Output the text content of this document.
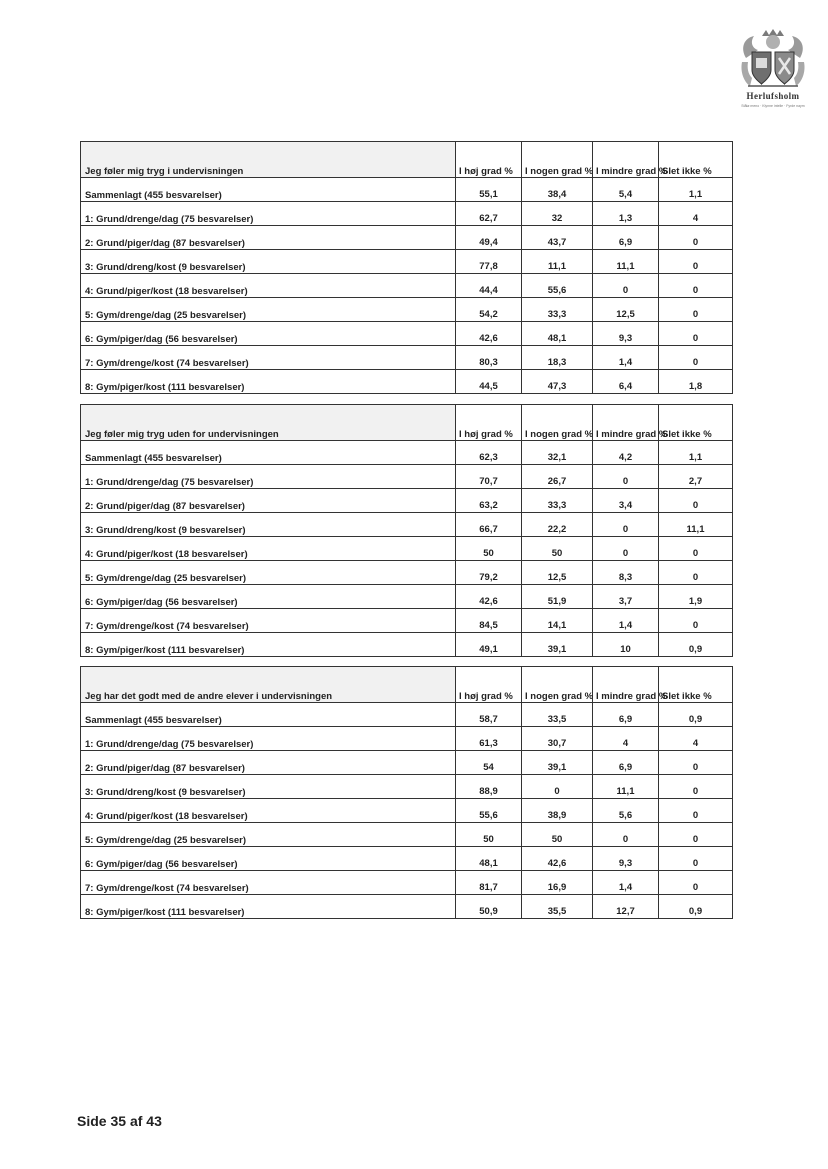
Herlufsholm
Stålø meno · Klynne intelle · Fyrde naym
Jeg føler mig tryg i undervisningen	I høj grad %	I nogen grad %	I mindre grad %	Slet ikke %
Sammenlagt (455 besvarelser)	55,1	38,4	5,4	1,1
1: Grund/drenge/dag (75 besvarelser)	62,7	32	1,3	4
2: Grund/piger/dag (87 besvarelser)	49,4	43,7	6,9	0
3: Grund/dreng/kost (9 besvarelser)	77,8	11,1	11,1	0
4: Grund/piger/kost (18 besvarelser)	44,4	55,6	0	0
5: Gym/drenge/dag (25 besvarelser)	54,2	33,3	12,5	0
6: Gym/piger/dag (56 besvarelser)	42,6	48,1	9,3	0
7: Gym/drenge/kost (74 besvarelser)	80,3	18,3	1,4	0
8: Gym/piger/kost (111 besvarelser)	44,5	47,3	6,4	1,8
Jeg føler mig tryg uden for undervisningen	I høj grad %	I nogen grad %	I mindre grad %	Slet ikke %
Sammenlagt (455 besvarelser)	62,3	32,1	4,2	1,1
1: Grund/drenge/dag (75 besvarelser)	70,7	26,7	0	2,7
2: Grund/piger/dag (87 besvarelser)	63,2	33,3	3,4	0
3: Grund/dreng/kost (9 besvarelser)	66,7	22,2	0	11,1
4: Grund/piger/kost (18 besvarelser)	50	50	0	0
5: Gym/drenge/dag (25 besvarelser)	79,2	12,5	8,3	0
6: Gym/piger/dag (56 besvarelser)	42,6	51,9	3,7	1,9
7: Gym/drenge/kost (74 besvarelser)	84,5	14,1	1,4	0
8: Gym/piger/kost (111 besvarelser)	49,1	39,1	10	0,9
Jeg har det godt med de andre elever i undervisningen	I høj grad %	I nogen grad %	I mindre grad %	Slet ikke %
Sammenlagt (455 besvarelser)	58,7	33,5	6,9	0,9
1: Grund/drenge/dag (75 besvarelser)	61,3	30,7	4	4
2: Grund/piger/dag (87 besvarelser)	54	39,1	6,9	0
3: Grund/dreng/kost (9 besvarelser)	88,9	0	11,1	0
4: Grund/piger/kost (18 besvarelser)	55,6	38,9	5,6	0
5: Gym/drenge/dag (25 besvarelser)	50	50	0	0
6: Gym/piger/dag (56 besvarelser)	48,1	42,6	9,3	0
7: Gym/drenge/kost (74 besvarelser)	81,7	16,9	1,4	0
8: Gym/piger/kost (111 besvarelser)	50,9	35,5	12,7	0,9
Side 35 af 43
